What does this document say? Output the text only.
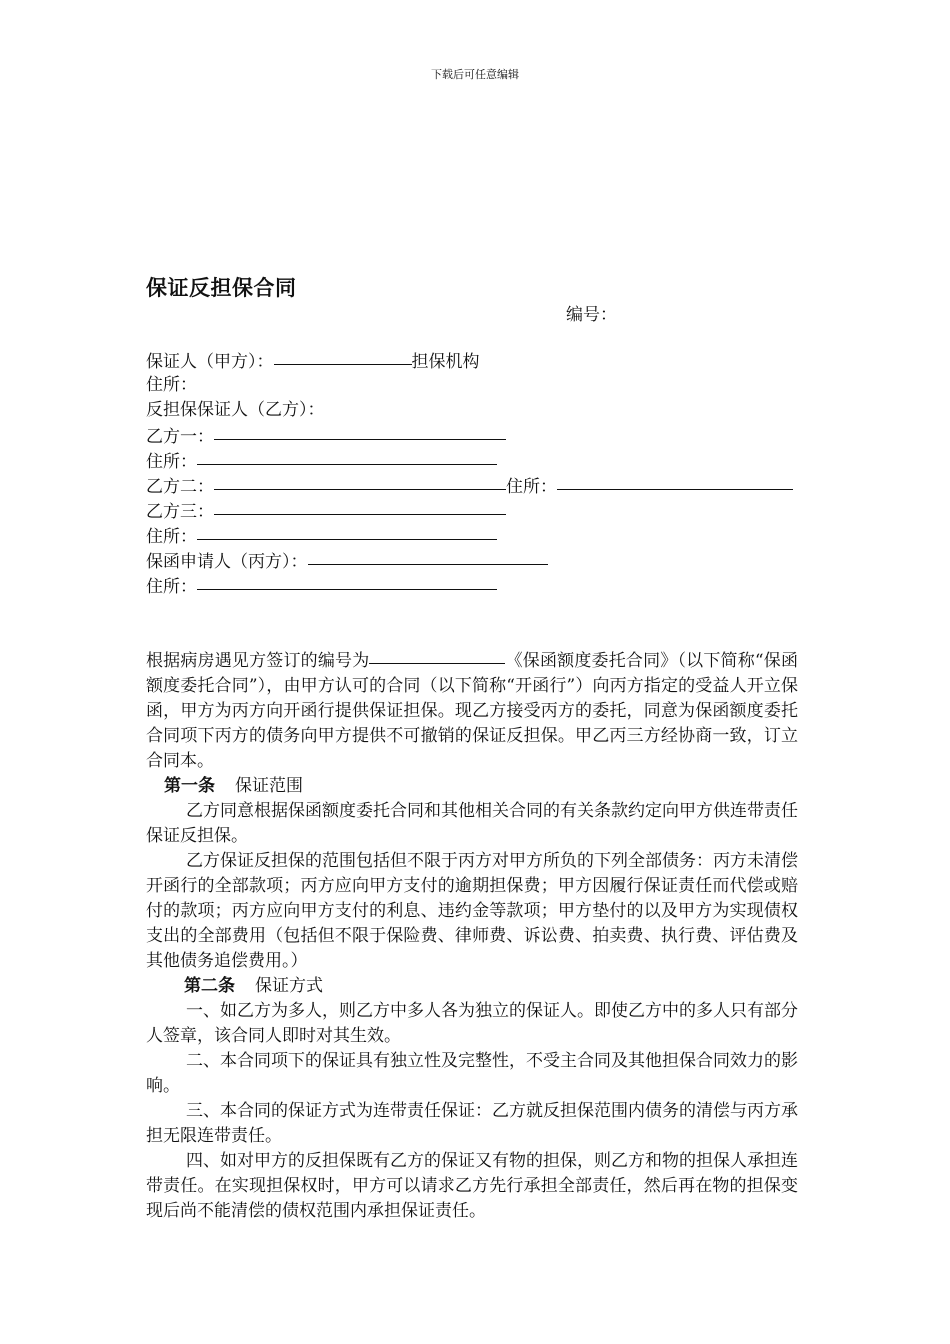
下载后可任意编辑
保证反担保合同
编号：
保证人（甲方）：	担保机构
住所：
反担保保证人（乙方）：
乙方一：
住所：
乙方二：	住所：
乙方三：
住所：
保函申请人（丙方）：
住所：

根据病房遇见方签订的编号为	《保函额度委托合同》（以下简称“保函额度委托合同”），由甲方认可的合同（以下简称“开函行”）向丙方指定的受益人开立保函，甲方为丙方向开函行提供保证担保。现乙方接受丙方的委托，同意为保函额度委托合同项下丙方的债务向甲方提供不可撤销的保证反担保。甲乙丙三方经协商一致，订立合同本。

第一条 保证范围

乙方同意根据保函额度委托合同和其他相关合同的有关条款约定向甲方供连带责任保证反担保。

乙方保证反担保的范围包括但不限于丙方对甲方所负的下列全部债务：丙方未清偿开函行的全部款项；丙方应向甲方支付的逾期担保费；甲方因履行保证责任而代偿或赔付的款项；丙方应向甲方支付的利息、违约金等款项；甲方垫付的以及甲方为实现债权支出的全部费用（包括但不限于保险费、律师费、诉讼费、拍卖费、执行费、评估费及其他债务追偿费用。）

第二条 保证方式

一、如乙方为多人，则乙方中多人各为独立的保证人。即使乙方中的多人只有部分人签章，该合同人即时对其生效。

二、本合同项下的保证具有独立性及完整性，不受主合同及其他担保合同效力的影响。

三、本合同的保证方式为连带责任保证：乙方就反担保范围内债务的清偿与丙方承担无限连带责任。

四、如对甲方的反担保既有乙方的保证又有物的担保，则乙方和物的担保人承担连带责任。在实现担保权时，甲方可以请求乙方先行承担全部责任，然后再在物的担保变现后尚不能清偿的债权范围内承担保证责任。
